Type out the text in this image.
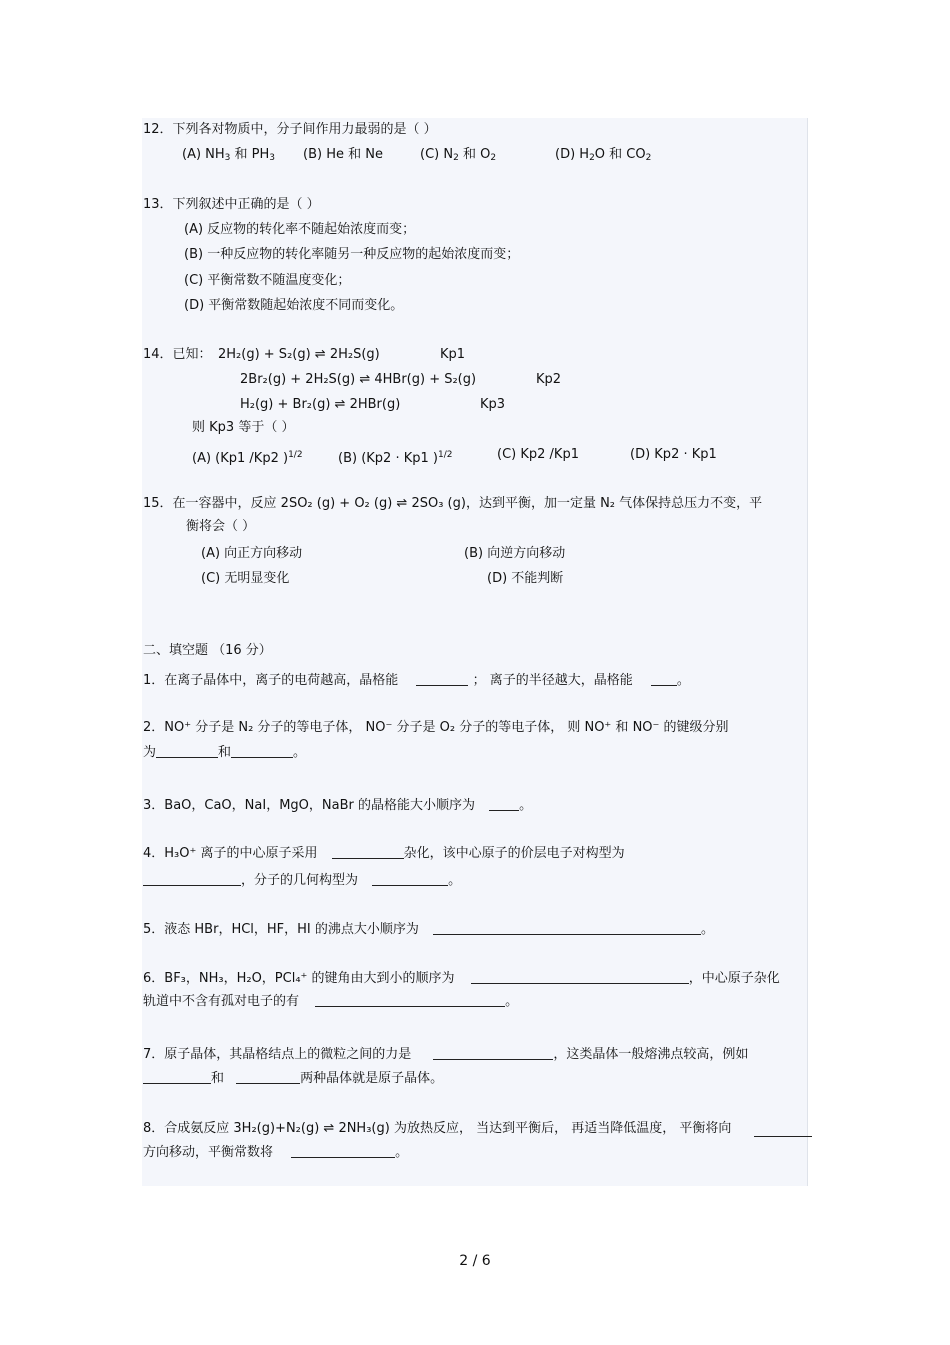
12．下列各对物质中，分子间作用力最弱的是（ ）
(A) $NH_3$ 和 $PH_3$ (B) He 和 Ne	(C) $N_2$ 和 $O_2$	(D) $H_2O$ 和 $CO_2$
13．下列叙述中正确的是（ ）
(A) 反应物的转化率不随起始浓度而变；
(B) 一种反应物的转化率随另一种反应物的起始浓度而变；
(C) 平衡常数不随温度变化；
(D) 平衡常数随起始浓度不同而变化。
14．已知： 2H₂(g) + S₂(g) ⇌ 2H₂S(g)	Kp1
2Br₂(g) + 2H₂S(g) ⇌ 4HBr(g) + S₂(g)	Kp2
H₂(g) + Br₂(g) ⇌ 2HBr(g)	Kp3
则 Kp3 等于（ ）
(A) (Kp1 /Kp2 )$^{1/2}$	(B) (Kp2 · Kp1 )$^{1/2}$	(C) Kp2 /Kp1	(D) Kp2 · Kp1
15．在一容器中，反应 2SO₂ (g) + O₂ (g) ⇌ 2SO₃ (g)，达到平衡，加一定量 N₂ 气体保持总压力不变，平
衡将会（ ）
(A) 向正方向移动	(B) 向逆方向移动
(C) 无明显变化	(D) 不能判断
二、填空题 （16 分）
1．在离子晶体中，离子的电荷越高，晶格能	； 离子的半径越大，晶格能	。
2．NO⁺ 分子是 N₂ 分子的等电子体， NO⁻ 分子是 O₂ 分子的等电子体， 则 NO⁺ 和 NO⁻ 的键级分别
为	和	。
3．BaO，CaO，NaI，MgO，NaBr 的晶格能大小顺序为	。
4．H₃O⁺ 离子的中心原子采用	杂化，该中心原子的价层电子对构型为
，分子的几何构型为	。
5．液态 HBr，HCl，HF，HI 的沸点大小顺序为	。
6．BF₃，NH₃，H₂O，PCl₄⁺ 的键角由大到小的顺序为	，中心原子杂化
轨道中不含有孤对电子的有	。
7．原子晶体，其晶格结点上的微粒之间的力是	，这类晶体一般熔沸点较高，例如
和	两种晶体就是原子晶体。
8．合成氨反应 3H₂(g)+N₂(g) ⇌ 2NH₃(g) 为放热反应， 当达到平衡后， 再适当降低温度， 平衡将向
方向移动，平衡常数将	。
2 / 6
